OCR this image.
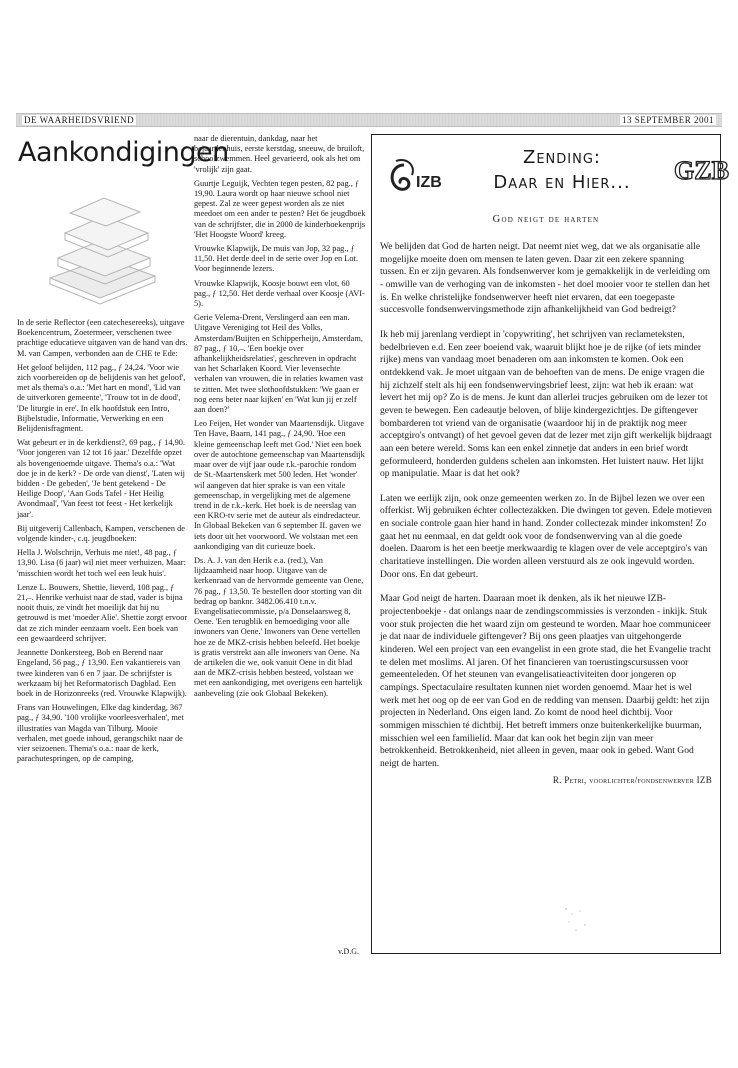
DE WAARHEIDSVRIEND	13 SEPTEMBER 2001
Aankondigingen

In de serie Reflector (een catechesereeks), uitgave Boekencentrum, Zoetermeer, verschenen twee prachtige educatieve uitgaven van de hand van drs. M. van Campen, verbonden aan de CHE te Ede:

Het geloof belijden, 112 pag., ƒ 24,24. 'Voor wie zich voorbereiden op de belijdenis van het geloof', met als thema's o.a.: 'Met hart en mond', 'Lid van de uitverkoren gemeente', 'Trouw tot in de dood', 'De liturgie in ere'. In elk hoofdstuk een Intro, Bijbelstudie, Informatie, Verwerking en een Belijdenisfragment.

Wat gebeurt er in de kerkdienst?, 69 pag., ƒ 14,90. 'Voor jongeren van 12 tot 16 jaar.' Dezelfde opzet als bovengenoemde uitgave. Thema's o.a.: 'Wat doe je in de kerk? - De orde van dienst', 'Laten wij bidden - De gebeden', 'Je bent getekend - De Heilige Doop', 'Aan Gods Tafel - Het Heilig Avondmaal', 'Van feest tot feest - Het kerkelijk jaar'.

Bij uitgeverij Callenbach, Kampen, verschenen de volgende kinder-, c.q. jeugdboeken:

Hella J. Wolschrijn, Verhuis me niet!, 48 pag., ƒ 13,90. Lisa (6 jaar) wil niet meer verhuizen. Maar: 'misschien wordt het toch wel een leuk huis'.

Lenze L. Bouwers, Shettie, lieverd, 108 pag., ƒ 21,–. Henrike verhuist naar de stad, vader is bijna nooit thuis, ze vindt het moeilijk dat hij nu getrouwd is met 'moeder Alie'. Shettie zorgt ervoor dat ze zich minder eenzaam voelt. Een boek van een gewaardeerd schrijver.

Jeannette Donkersteeg, Bob en Berend naar Engeland, 56 pag., ƒ 13,90. Een vakantiereis van twee kinderen van 6 en 7 jaar. De schrijfster is werkzaam bij het Reformatorisch Dagblad. Een boek in de Horizonreeks (red. Vrouwke Klapwijk).

Frans van Houwelingen, Elke dag kinderdag, 367 pag., ƒ 34,90. '100 vrolijke voorleesverhalen', met illustraties van Magda van Tilburg. Mooie verhalen, met goede inhoud, gerangschikt naar de vier seizoenen. Thema's o.a.: naar de kerk, parachutespringen, op de camping,

naar de dierentuin, dankdag, naar het bejaardenhuis, eerste kerstdag, sneeuw, de bruiloft, schoolzwemmen. Heel gevarieerd, ook als het om 'vrolijk' zijn gaat.

Guurtje Leguijk, Vechten tegen pesten, 82 pag., ƒ 19,90. Laura wordt op haar nieuwe school niet gepest. Zal ze weer gepest worden als ze niet meedoet om een ander te pesten? Het 6e jeugdboek van de schrijfster, die in 2000 de kinderboekenprijs 'Het Hoogste Woord' kreeg.

Vrouwke Klapwijk, De muis van Jop, 32 pag., ƒ 11,50. Het derde deel in de serie over Jop en Lot. Voor beginnende lezers.

Vrouwke Klapwijk, Koosje bouwt een vlot, 60 pag., ƒ 12,50. Het derde verhaal over Koosje (AVI-5).

Gerie Velema-Drent, Verslingerd aan een man. Uitgave Vereniging tot Heil des Volks, Amsterdam/Buijten en Schipperheijn, Amsterdam, 87 pag., ƒ 10,–. 'Een boekje over afhankelijkheidsrelaties', geschreven in opdracht van het Scharlaken Koord. Vier levensechte verhalen van vrouwen, die in relaties kwamen vast te zitten. Met twee slothoofdstukken: 'We gaan er nog eens beter naar kijken' en 'Wat kun jij er zelf aan doen?'

Leo Feijen, Het wonder van Maartensdijk. Uitgave Ten Have, Baarn, 141 pag., ƒ 24,90. 'Hoe een kleine gemeenschap leeft met God.' Niet een boek over de autochtone gemeenschap van Maartensdijk maar over de vijf jaar oude r.k.-parochie rondom de St.-Maartenskerk met 500 leden. Het 'wonder' wil aangeven dat hier sprake is van een vitale gemeenschap, in vergelijking met de algemene trend in de r.k.-kerk. Het boek is de neerslag van een KRO-tv serie met de auteur als eindredacteur. In Globaal Bekeken van 6 september II. gaven we iets door uit het voorwoord. We volstaan met een aankondiging van dit curieuze boek.

Ds. A. J. van den Herik e.a. (red.), Van lijdzaamheid naar hoop. Uitgave van de kerkenraad van de hervormde gemeente van Oene, 76 pag., ƒ 13,50. Te bestellen door storting van dit bedrag op banknr. 3482.06.410 t.n.v. Evangelisatiecommissie, p/a Donselaarsweg 8, Oene. 'Een terugblik en bemoediging voor alle inwoners van Oene.' Inwoners van Oene vertellen hoe ze de MKZ-crisis hebben beleefd. Het boekje is gratis verstrekt aan alle inwoners van Oene. Na de artikelen die we, ook vanuit Oene in dit blad aan de MKZ-crisis hebben besteed, volstaan we met een aankondiging, met overigens een hartelijk aanbeveling (zie ook Globaal Bekeken).

v.D.G.
IZB
Zending:
Daar en Hier...	GZB
God neigt de harten

We belijden dat God de harten neigt. Dat neemt niet weg, dat we als organisatie alle mogelijke moeite doen om mensen te laten geven. Daar zit een zekere spanning tussen. En er zijn gevaren. Als fondsenwerver kom je gemakkelijk in de verleiding om - omwille van de verhoging van de inkomsten - het doel mooier voor te stellen dan het is. En welke christelijke fondsenwerver heeft niet ervaren, dat een toegepaste succesvolle fondsenwervingsmethode zijn afhankelijkheid van God bedreigt?

Ik heb mij jarenlang verdiept in 'copywriting', het schrijven van reclameteksten, bedelbrieven e.d. Een zeer boeiend vak, waaruit blijkt hoe je de rijke (of iets minder rijke) mens van vandaag moet benaderen om aan inkomsten te komen. Ook een ontdekkend vak. Je moet uitgaan van de behoeften van de mens. De enige vragen die hij zichzelf stelt als hij een fondsenwervingsbrief leest, zijn: wat heb ik eraan: wat levert het mij op? Zo is de mens. Je kunt dan allerlei trucjes gebruiken om de lezer tot geven te bewegen. Een cadeautje beloven, of blije kindergezichtjes. De giftengever bombarderen tot vriend van de organisatie (waardoor hij in de praktijk nog meer acceptgiro's ontvangt) of het gevoel geven dat de lezer met zijn gift werkelijk bijdraagt aan een betere wereld. Soms kan een enkel zinnetje dat anders in een brief wordt geformuleerd, honderden guldens schelen aan inkomsten. Het luistert nauw. Het lijkt op manipulatie. Maar is dat het ook?

Laten we eerlijk zijn, ook onze gemeenten werken zo. In de Bijbel lezen we over een offerkist. Wij gebruiken échter collectezakken. Die dwingen tot geven. Edele motieven en sociale controle gaan hier hand in hand. Zonder collectezak minder inkomsten! Zo gaat het nu eenmaal, en dat geldt ook voor de fondsenwerving van al die goede doelen. Daarom is het een beetje merkwaardig te klagen over de vele acceptgiro's van charitatieve instellingen. Die worden alleen verstuurd als ze ook ingevuld worden. Door ons. En dat gebeurt.

Maar God neigt de harten. Daaraan moet ik denken, als ik het nieuwe IZB-projectenboekje - dat onlangs naar de zendingscommissies is verzonden - inkijk. Stuk voor stuk projecten die het waard zijn om gesteund te worden. Maar hoe communiceer je dat naar de individuele giftengever? Bij ons geen plaatjes van uitgehongerde kinderen. Wel een project van een evangelist in een grote stad, die het Evangelie tracht te delen met moslims. Al jaren. Of het financieren van toerustingscursussen voor gemeenteleden. Of het steunen van evangelisatieactiviteiten door jongeren op campings. Spectaculaire resultaten kunnen niet worden genoemd. Maar het is wel werk met het oog op de eer van God en de redding van mensen. Daarbij geldt: het zijn projecten in Nederland. Ons eigen land. Zo komt de nood heel dichtbij. Voor sommigen misschien té dichtbij. Het betreft immers onze buitenkerkelijke buurman, misschien wel een familielid. Maar dat kan ook het begin zijn van meer betrokkenheid. Betrokkenheid, niet alleen in geven, maar ook in gebed. Want God neigt de harten.

R. Petri, voorlichter/fondsenwerver IZB
